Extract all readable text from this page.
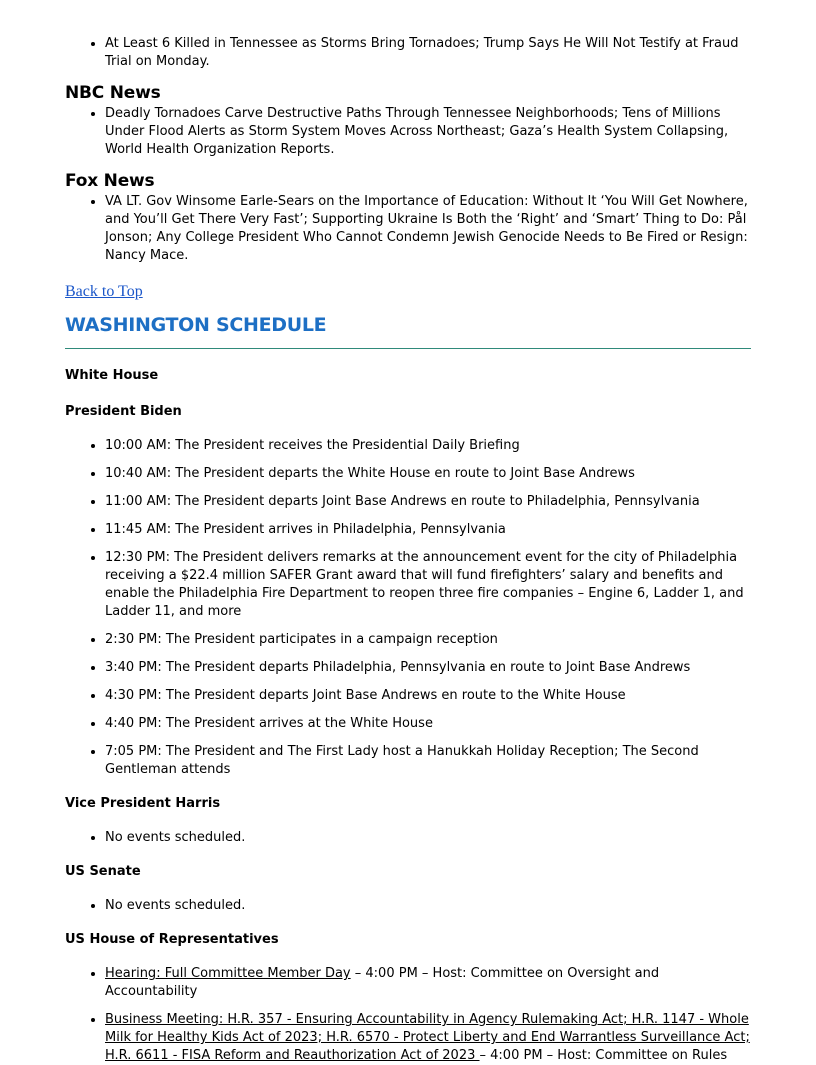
• At Least 6 Killed in Tennessee as Storms Bring Tornadoes; Trump Says He Will Not Testify at Fraud Trial on Monday.
NBC News
• Deadly Tornadoes Carve Destructive Paths Through Tennessee Neighborhoods; Tens of Millions Under Flood Alerts as Storm System Moves Across Northeast; Gaza’s Health System Collapsing, World Health Organization Reports.
Fox News
• VA LT. Gov Winsome Earle-Sears on the Importance of Education: Without It ‘You Will Get Nowhere, and You’ll Get There Very Fast’; Supporting Ukraine Is Both the ‘Right’ and ‘Smart’ Thing to Do: Pål Jonson; Any College President Who Cannot Condemn Jewish Genocide Needs to Be Fired or Resign: Nancy Mace.
Back to Top
WASHINGTON SCHEDULE
White House
President Biden
• 10:00 AM: The President receives the Presidential Daily Briefing
• 10:40 AM: The President departs the White House en route to Joint Base Andrews
• 11:00 AM: The President departs Joint Base Andrews en route to Philadelphia, Pennsylvania
• 11:45 AM: The President arrives in Philadelphia, Pennsylvania
• 12:30 PM: The President delivers remarks at the announcement event for the city of Philadelphia receiving a $22.4 million SAFER Grant award that will fund firefighters’ salary and benefits and enable the Philadelphia Fire Department to reopen three fire companies – Engine 6, Ladder 1, and Ladder 11, and more
• 2:30 PM: The President participates in a campaign reception
• 3:40 PM: The President departs Philadelphia, Pennsylvania en route to Joint Base Andrews
• 4:30 PM: The President departs Joint Base Andrews en route to the White House
• 4:40 PM: The President arrives at the White House
• 7:05 PM: The President and The First Lady host a Hanukkah Holiday Reception; The Second Gentleman attends
Vice President Harris
• No events scheduled.
US Senate
• No events scheduled.
US House of Representatives
• Hearing: Full Committee Member Day – 4:00 PM – Host: Committee on Oversight and Accountability
• Business Meeting: H.R. 357 - Ensuring Accountability in Agency Rulemaking Act; H.R. 1147 - Whole Milk for Healthy Kids Act of 2023; H.R. 6570 - Protect Liberty and End Warrantless Surveillance Act; H.R. 6611 - FISA Reform and Reauthorization Act of 2023 – 4:00 PM – Host: Committee on Rules
